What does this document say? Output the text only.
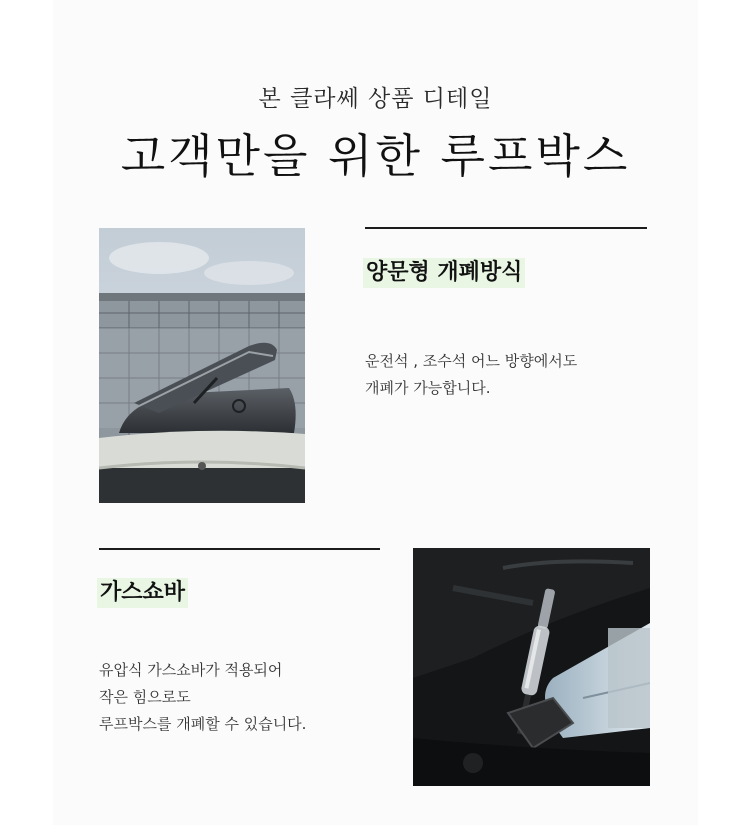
본 클라쎄 상품 디테일
고객만을 위한 루프박스
양문형 개폐방식
운전석 , 조수석 어느 방향에서도
개폐가 가능합니다.
가스쇼바
유압식 가스쇼바가 적용되어
작은 힘으로도
루프박스를 개폐할 수 있습니다.
